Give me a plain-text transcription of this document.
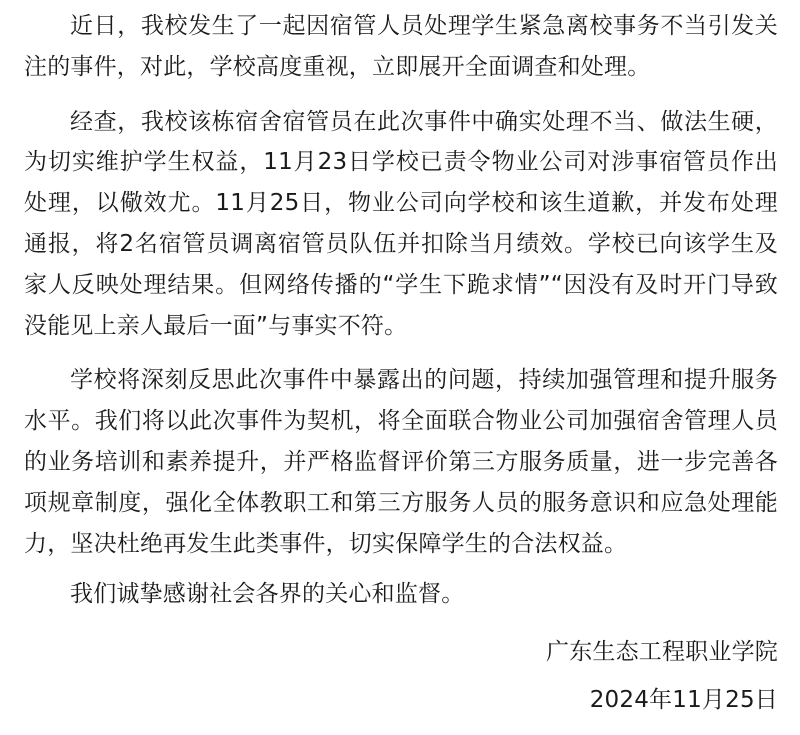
近日，我校发生了一起因宿管人员处理学生紧急离校事务不当引发关注的事件，对此，学校高度重视，立即展开全面调查和处理。

经查，我校该栋宿舍宿管员在此次事件中确实处理不当、做法生硬，为切实维护学生权益，11月23日学校已责令物业公司对涉事宿管员作出处理，以儆效尤。11月25日，物业公司向学校和该生道歉，并发布处理通报，将2名宿管员调离宿管员队伍并扣除当月绩效。学校已向该学生及家人反映处理结果。但网络传播的“学生下跪求情”“因没有及时开门导致没能见上亲人最后一面”与事实不符。

学校将深刻反思此次事件中暴露出的问题，持续加强管理和提升服务水平。我们将以此次事件为契机，将全面联合物业公司加强宿舍管理人员的业务培训和素养提升，并严格监督评价第三方服务质量，进一步完善各项规章制度，强化全体教职工和第三方服务人员的服务意识和应急处理能力，坚决杜绝再发生此类事件，切实保障学生的合法权益。

我们诚挚感谢社会各界的关心和监督。

广东生态工程职业学院

2024年11月25日
